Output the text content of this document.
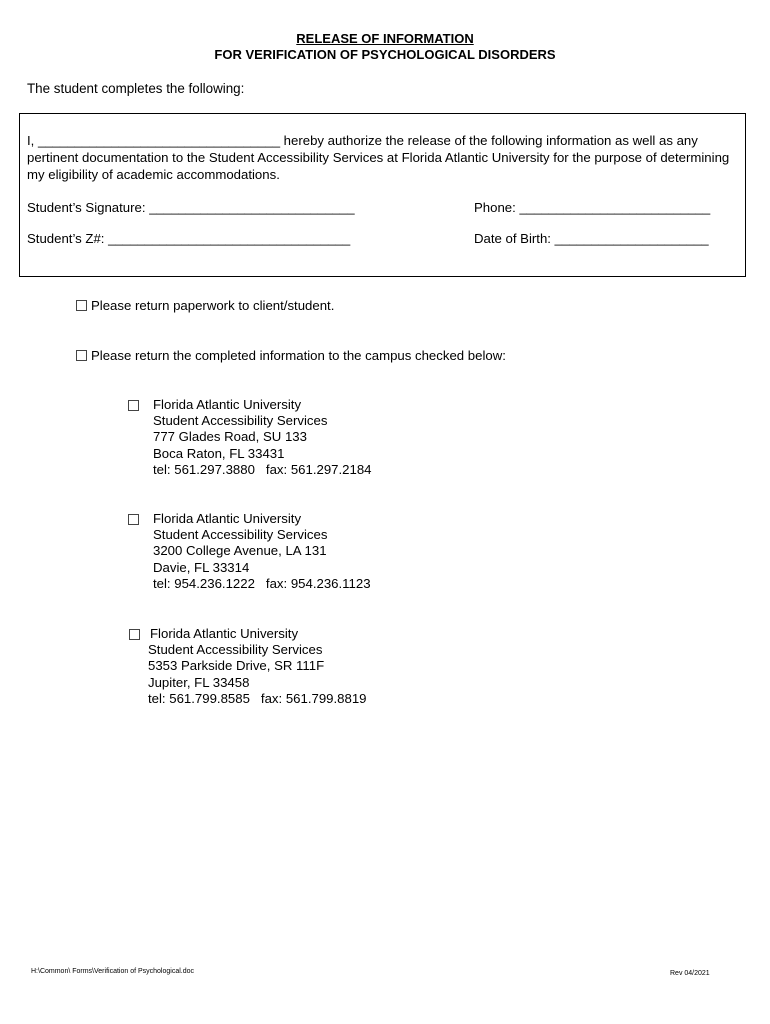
RELEASE OF INFORMATION
FOR VERIFICATION OF PSYCHOLOGICAL DISORDERS
The student completes the following:
I, _________________________________ hereby authorize the release of the following information as well as any pertinent documentation to the Student Accessibility Services at Florida Atlantic University for the purpose of determining my eligibility of academic accommodations.
Student’s Signature: ____________________________	Phone: __________________________
Student’s Z#: _________________________________	Date of Birth: _____________________
Please return paperwork to client/student.
Please return the completed information to the campus checked below:
Florida Atlantic University
Student Accessibility Services
777 Glades Road, SU 133
Boca Raton, FL 33431
tel: 561.297.3880   fax: 561.297.2184
Florida Atlantic University
Student Accessibility Services
3200 College Avenue, LA 131
Davie, FL 33314
tel: 954.236.1222   fax: 954.236.1123
Florida Atlantic University
Student Accessibility Services
5353 Parkside Drive, SR 111F
Jupiter, FL 33458
tel: 561.799.8585   fax: 561.799.8819
H:\Common\ Forms\Verification of Psychological.doc	Rev 04/2021
